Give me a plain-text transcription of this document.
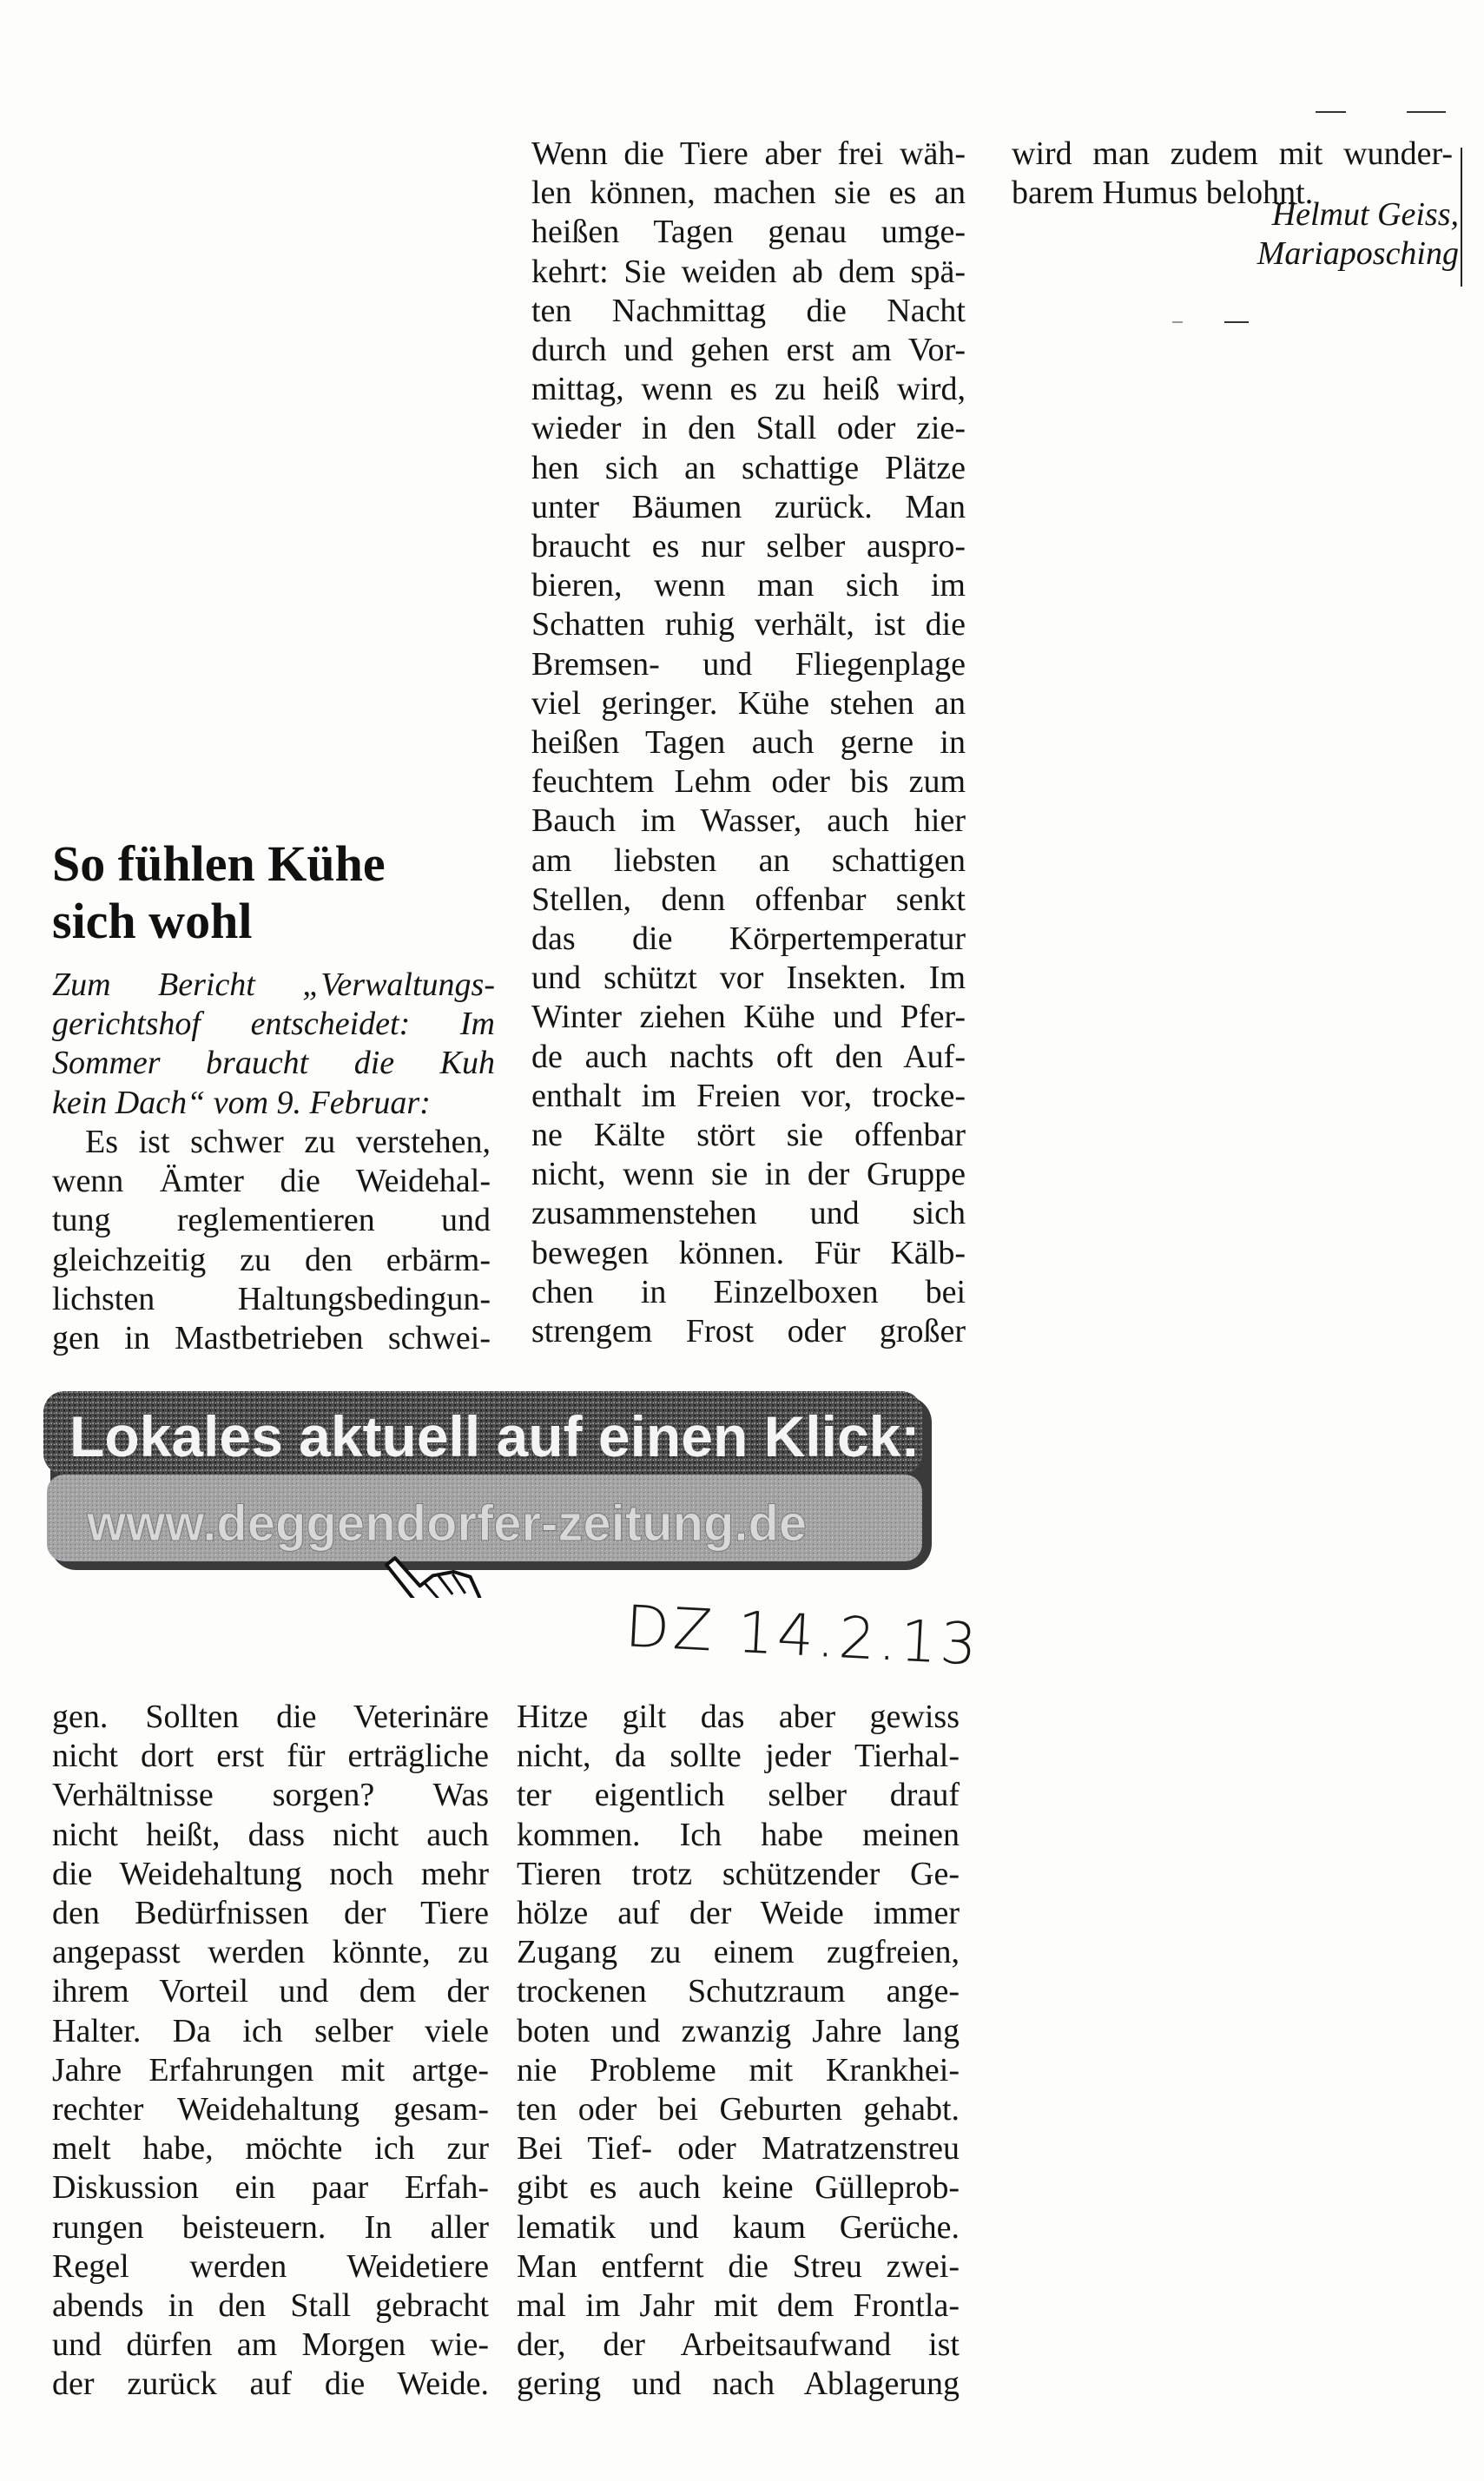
So fühlen Kühe
sich wohl
Zum Bericht „Verwaltungs-
gerichtshof entscheidet: Im
Sommer braucht die Kuh
kein Dach“ vom 9. Februar:
Es ist schwer zu verstehen,
wenn Ämter die Weidehal-
tung reglementieren und
gleichzeitig zu den erbärm-
lichsten Haltungsbedingun-
gen in Mastbetrieben schwei-
Wenn die Tiere aber frei wäh-
len können, machen sie es an
heißen Tagen genau umge-
kehrt: Sie weiden ab dem spä-
ten Nachmittag die Nacht
durch und gehen erst am Vor-
mittag, wenn es zu heiß wird,
wieder in den Stall oder zie-
hen sich an schattige Plätze
unter Bäumen zurück. Man
braucht es nur selber auspro-
bieren, wenn man sich im
Schatten ruhig verhält, ist die
Bremsen- und Fliegenplage
viel geringer. Kühe stehen an
heißen Tagen auch gerne in
feuchtem Lehm oder bis zum
Bauch im Wasser, auch hier
am liebsten an schattigen
Stellen, denn offenbar senkt
das die Körpertemperatur
und schützt vor Insekten. Im
Winter ziehen Kühe und Pfer-
de auch nachts oft den Auf-
enthalt im Freien vor, trocke-
ne Kälte stört sie offenbar
nicht, wenn sie in der Gruppe
zusammenstehen und sich
bewegen können. Für Kälb-
chen in Einzelboxen bei
strengem Frost oder großer
wird man zudem mit wunder-
barem Humus belohnt.
Helmut Geiss,
Mariaposching
Lokales aktuell auf einen Klick:
www.deggendorfer-zeitung.de
DZ 14.2.13
gen. Sollten die Veterinäre
nicht dort erst für erträgliche
Verhältnisse sorgen? Was
nicht heißt, dass nicht auch
die Weidehaltung noch mehr
den Bedürfnissen der Tiere
angepasst werden könnte, zu
ihrem Vorteil und dem der
Halter. Da ich selber viele
Jahre Erfahrungen mit artge-
rechter Weidehaltung gesam-
melt habe, möchte ich zur
Diskussion ein paar Erfah-
rungen beisteuern. In aller
Regel werden Weidetiere
abends in den Stall gebracht
und dürfen am Morgen wie-
der zurück auf die Weide.
Hitze gilt das aber gewiss
nicht, da sollte jeder Tierhal-
ter eigentlich selber drauf
kommen. Ich habe meinen
Tieren trotz schützender Ge-
hölze auf der Weide immer
Zugang zu einem zugfreien,
trockenen Schutzraum ange-
boten und zwanzig Jahre lang
nie Probleme mit Krankhei-
ten oder bei Geburten gehabt.
Bei Tief- oder Matratzenstreu
gibt es auch keine Gülleprob-
lematik und kaum Gerüche.
Man entfernt die Streu zwei-
mal im Jahr mit dem Frontla-
der, der Arbeitsaufwand ist
gering und nach Ablagerung
